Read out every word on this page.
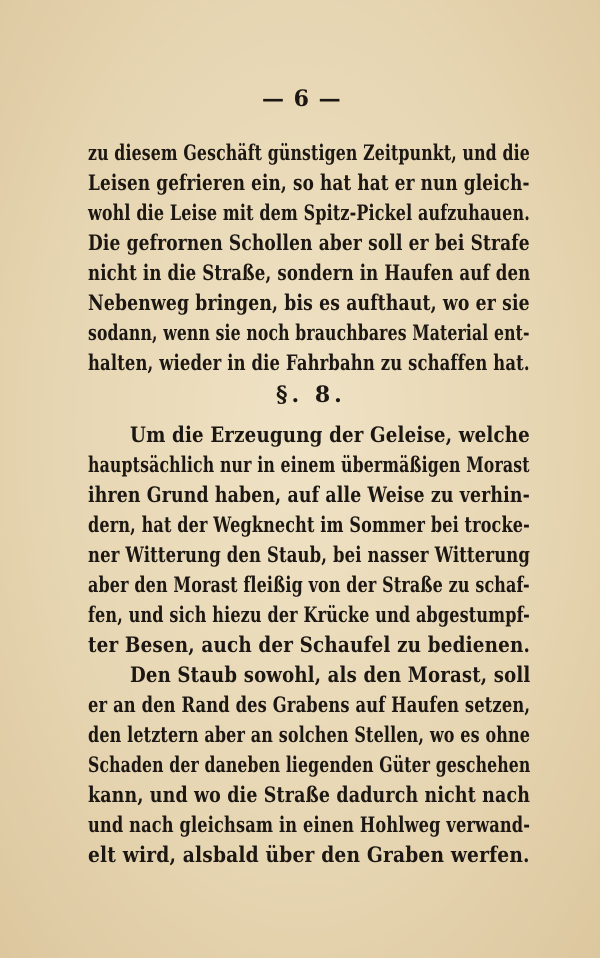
— 6 —
zu diesem Geschäft günstigen Zeitpunkt, und die
Leisen gefrieren ein, so hat hat er nun gleich-
wohl die Leise mit dem Spitz-Pickel aufzuhauen.
Die gefrornen Schollen aber soll er bei Strafe
nicht in die Straße, sondern in Haufen auf den
Nebenweg bringen, bis es aufthaut, wo er sie
sodann, wenn sie noch brauchbares Material ent-
halten, wieder in die Fahrbahn zu schaffen hat.
§. 8.
Um die Erzeugung der Geleise, welche
hauptsächlich nur in einem übermäßigen Morast
ihren Grund haben, auf alle Weise zu verhin-
dern, hat der Wegknecht im Sommer bei trocke-
ner Witterung den Staub, bei nasser Witterung
aber den Morast fleißig von der Straße zu schaf-
fen, und sich hiezu der Krücke und abgestumpf-
ter Besen, auch der Schaufel zu bedienen.
Den Staub sowohl, als den Morast, soll
er an den Rand des Grabens auf Haufen setzen,
den letztern aber an solchen Stellen, wo es ohne
Schaden der daneben liegenden Güter geschehen
kann, und wo die Straße dadurch nicht nach
und nach gleichsam in einen Hohlweg verwand-
elt wird, alsbald über den Graben werfen.
